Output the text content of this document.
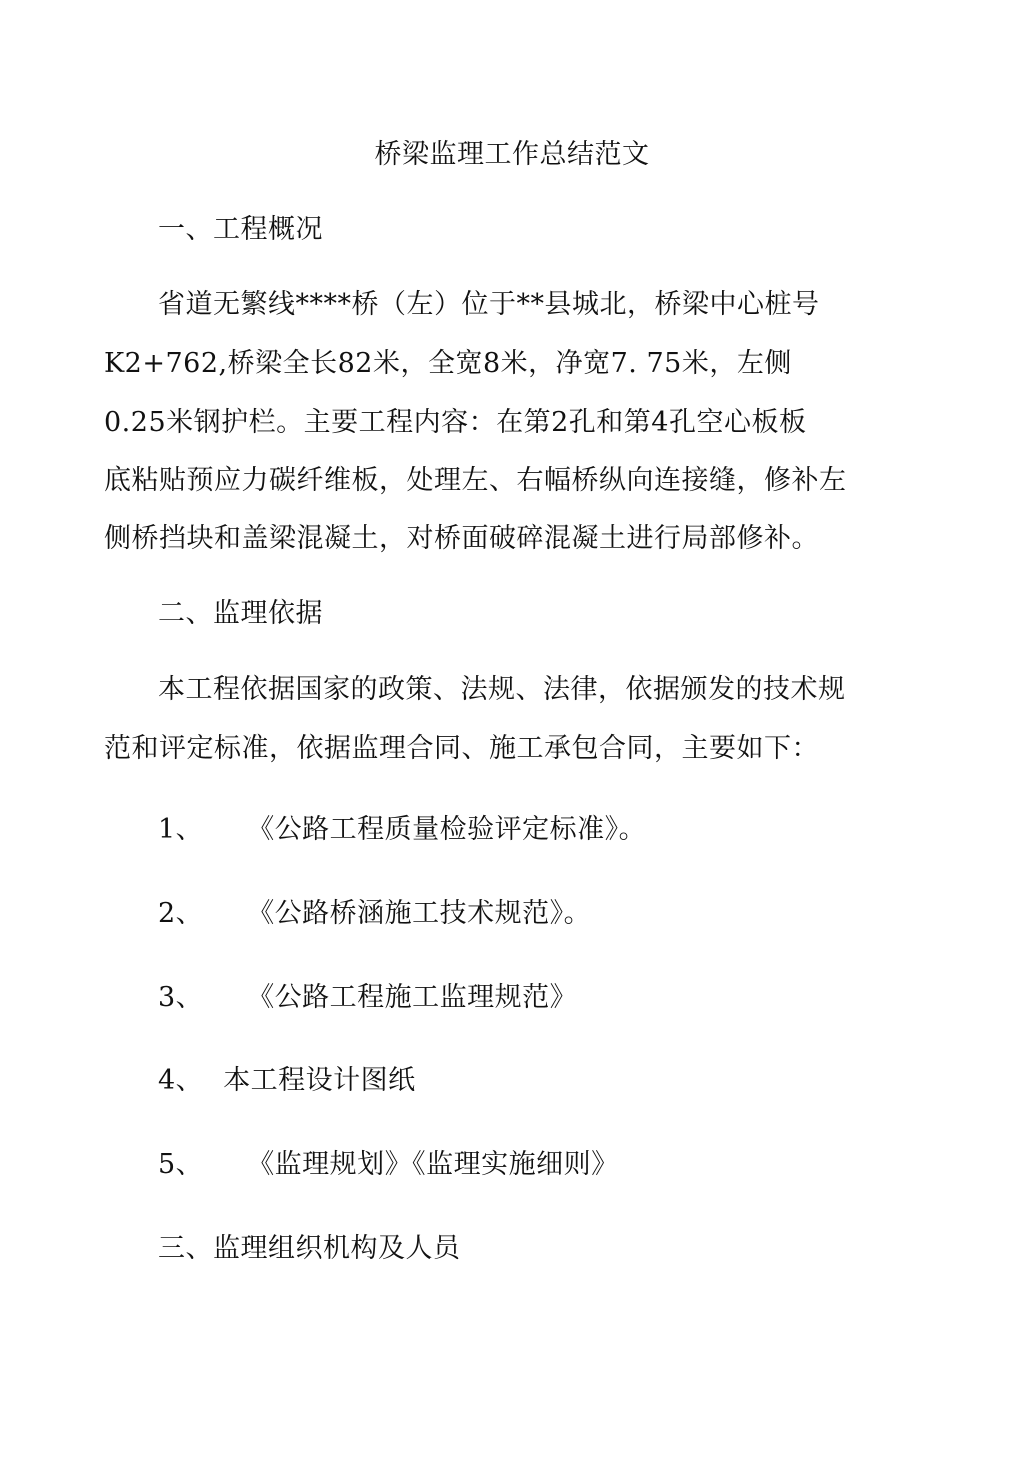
桥梁监理工作总结范文
一、工程概况
省道无繁线****桥（左）位于**县城北，桥梁中心桩号
K2+762,桥梁全长82米，全宽8米，净宽7. 75米，左侧
0.25米钢护栏。主要工程内容：在第2孔和第4孔空心板板
底粘贴预应力碳纤维板，处理左、右幅桥纵向连接缝，修补左
侧桥挡块和盖梁混凝土，对桥面破碎混凝土进行局部修补。
二、监理依据
本工程依据国家的政策、法规、法律，依据颁发的技术规
范和评定标准，依据监理合同、施工承包合同，主要如下：
1、 《公路工程质量检验评定标准》。
2、 《公路桥涵施工技术规范》。
3、 《公路工程施工监理规范》
4、 本工程设计图纸
5、 《监理规划》《监理实施细则》
三、监理组织机构及人员
